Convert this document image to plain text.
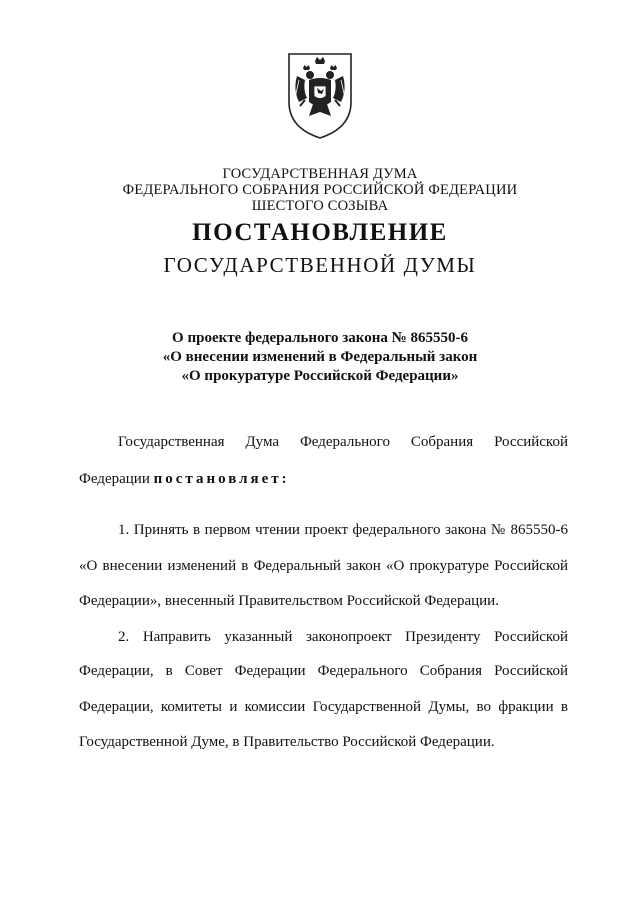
ГОСУДАРСТВЕННАЯ ДУМА
ФЕДЕРАЛЬНОГО СОБРАНИЯ РОССИЙСКОЙ ФЕДЕРАЦИИ
ШЕСТОГО СОЗЫВА
ПОСТАНОВЛЕНИЕ
ГОСУДАРСТВЕННОЙ ДУМЫ
О проекте федерального закона № 865550-6
«О внесении изменений в Федеральный закон
«О прокуратуре Российской Федерации»
Государственная Дума Федерального Собрания Российской
Федерации постановляет:
1. Принять в первом чтении проект федерального закона № 865550-6
«О внесении изменений в Федеральный закон «О прокуратуре Российской
Федерации», внесенный Правительством Российской Федерации.
2. Направить указанный законопроект Президенту Российской
Федерации, в Совет Федерации Федерального Собрания Российской
Федерации, комитеты и комиссии Государственной Думы, во фракции в
Государственной Думе, в Правительство Российской Федерации.
